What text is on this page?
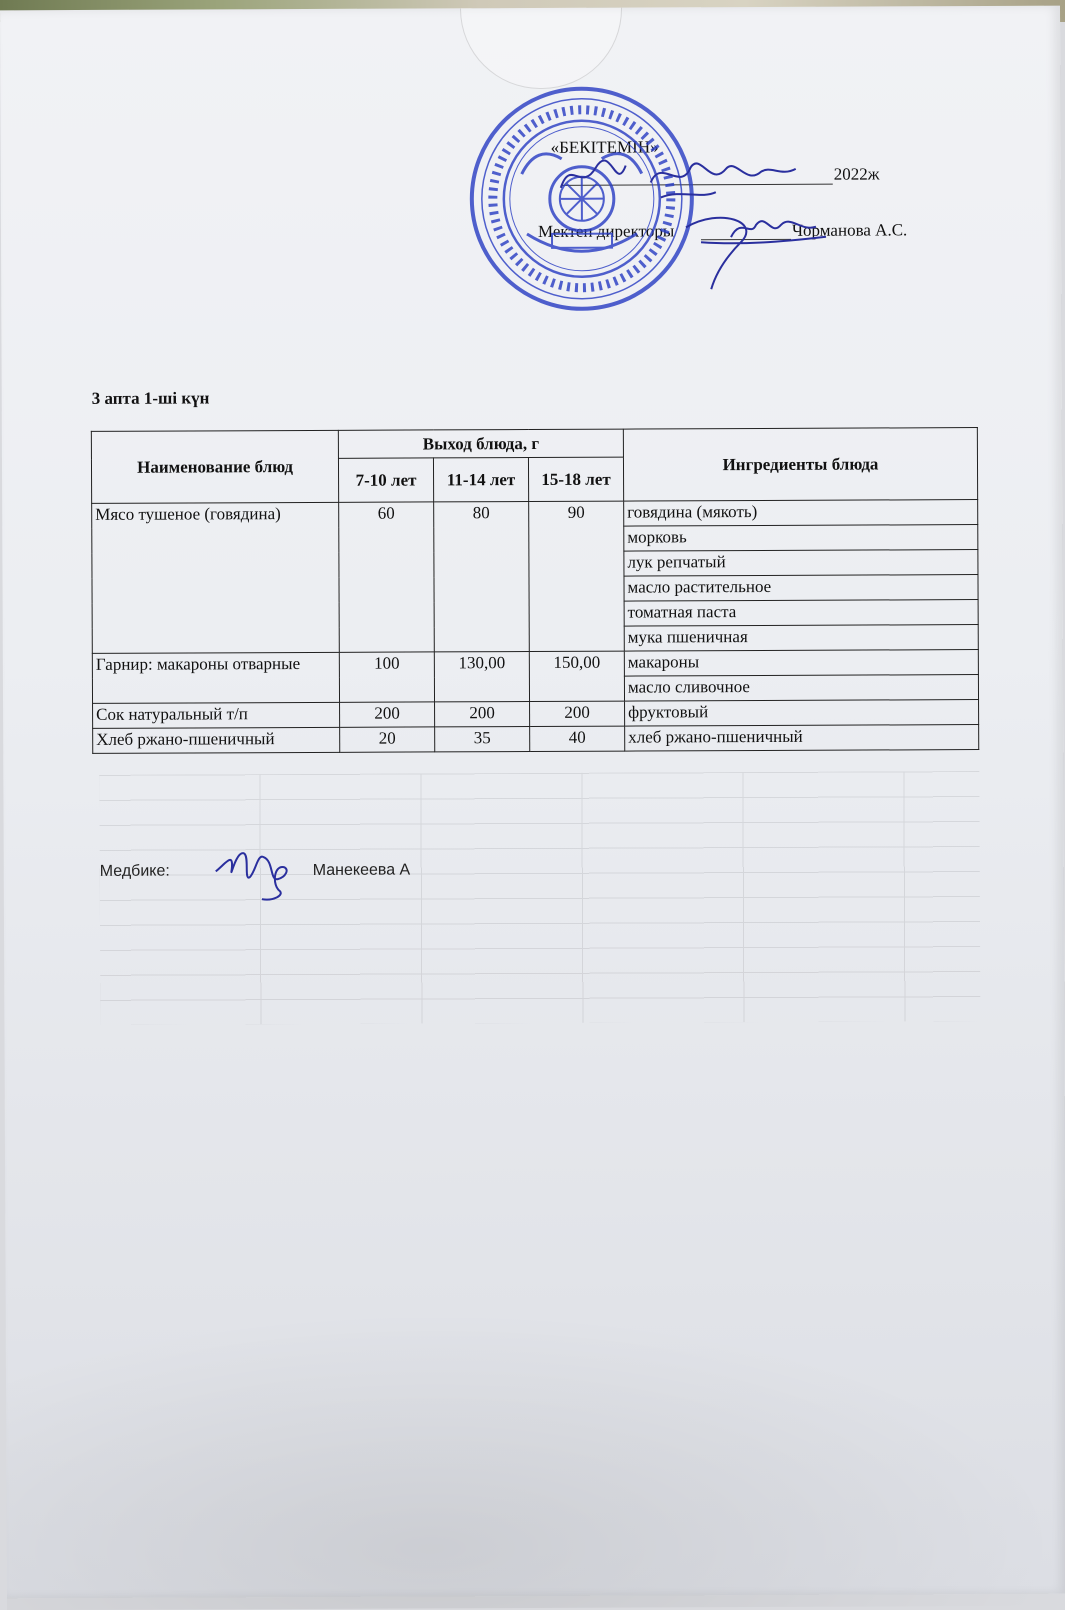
«БЕКІТЕМІН»
2022ж
Мектеп директоры	Чорманова А.С.
3 апта 1-ші күн
Наименование блюд	Выход блюда, г			Ингредиенты блюда
	7-10 лет	11-14 лет	15-18 лет	
Мясо тушеное (говядина)	60	80	90	говядина (мякоть)
				морковь
				лук репчатый
				масло растительное
				томатная паста
				мука пшеничная
Гарнир: макароны отварные	100	130,00	150,00	макароны
				масло сливочное
Сок натуральный т/п	200	200	200	фруктовый
Хлеб ржано-пшеничный	20	35	40	хлеб ржано-пшеничный
Медбике:	Манекеева А
